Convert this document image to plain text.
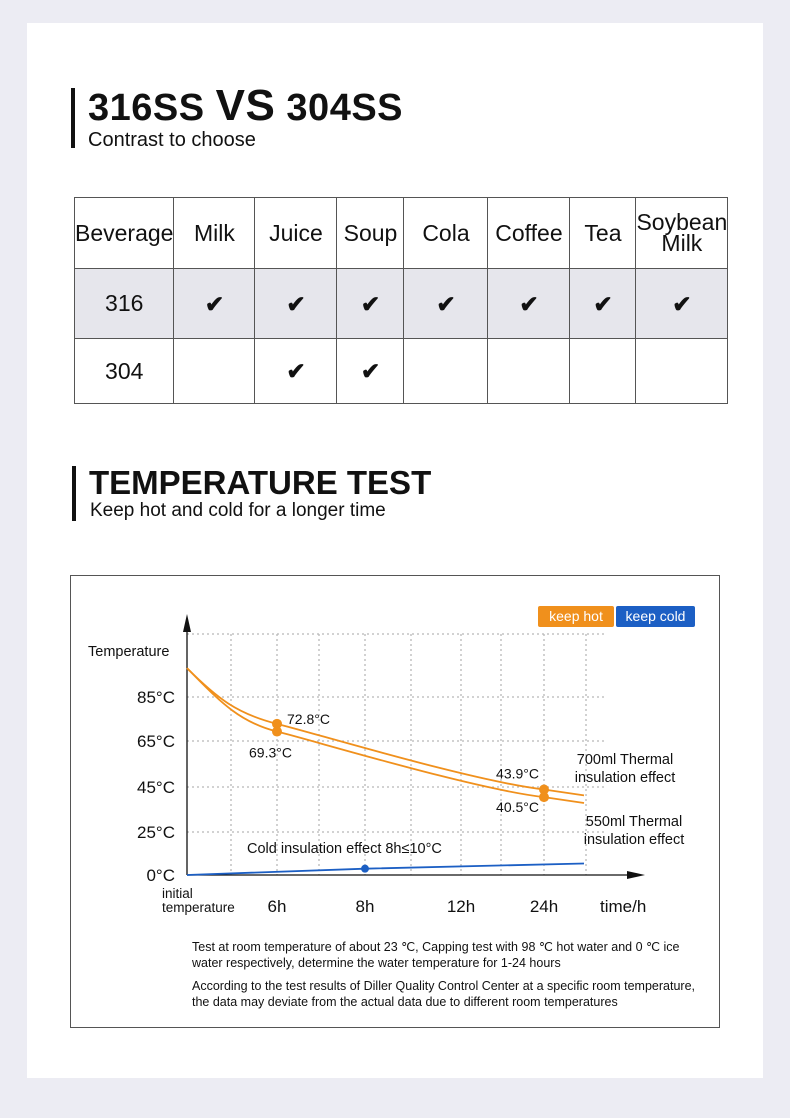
316SS VS 304SS
Contrast to choose
Beverage	Milk	Juice	Soup	Cola	Coffee	Tea	Soybean Milk
316	✔	✔	✔	✔	✔	✔	✔
304		✔	✔				
TEMPERATURE TEST
Keep hot and cold for a longer time
Temperature
0°C
25°C
45°C
65°C
85°C
initial
temperature 6h	8h	12h	24h time/h
72.8°C
69.3°C
43.9°C
40.5°C
700ml Thermal
insulation effect
550ml Thermal
insulation effect
Cold insulation effect 8h≤10°C
keep hot	keep cold
Testing environment:
Test at room temperature of about 23 ℃, Capping test with 98 ℃ hot water and 0 ℃ ice water respectively, determine the water temperature for 1-24 hours
Data sources:	According to the test results of Diller Quality Control Center at a specific room temperature, the data may deviate from the actual data due to different room temperatures
